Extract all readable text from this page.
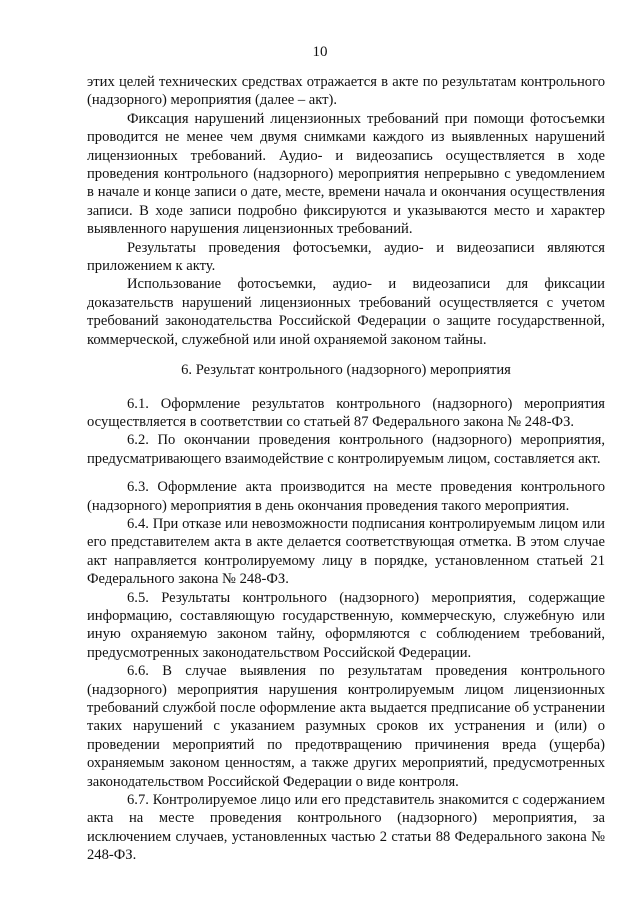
10

этих целей технических средствах отражается в акте по результатам контрольного (надзорного) мероприятия (далее – акт).

Фиксация нарушений лицензионных требований при помощи фотосъемки проводится не менее чем двумя снимками каждого из выявленных нарушений лицензионных требований. Аудио- и видеозапись осуществляется в ходе проведения контрольного (надзорного) мероприятия непрерывно с уведомлением в начале и конце записи о дате, месте, времени начала и окончания осуществления записи. В ходе записи подробно фиксируются и указываются место и характер выявленного нарушения лицензионных требований.

Результаты проведения фотосъемки, аудио- и видеозаписи являются приложением к акту.

Использование фотосъемки, аудио- и видеозаписи для фиксации доказательств нарушений лицензионных требований осуществляется с учетом требований законодательства Российской Федерации о защите государственной, коммерческой, служебной или иной охраняемой законом тайны.

6. Результат контрольного (надзорного) мероприятия

6.1. Оформление результатов контрольного (надзорного) мероприятия осуществляется в соответствии со статьей 87 Федерального закона № 248-ФЗ.

6.2. По окончании проведения контрольного (надзорного) мероприятия, предусматривающего взаимодействие с контролируемым лицом, составляется акт.

6.3. Оформление акта производится на месте проведения контрольного (надзорного) мероприятия в день окончания проведения такого мероприятия.

6.4. При отказе или невозможности подписания контролируемым лицом или его представителем акта в акте делается соответствующая отметка. В этом случае акт направляется контролируемому лицу в порядке, установленном статьей 21 Федерального закона № 248-ФЗ.

6.5. Результаты контрольного (надзорного) мероприятия, содержащие информацию, составляющую государственную, коммерческую, служебную или иную охраняемую законом тайну, оформляются с соблюдением требований, предусмотренных законодательством Российской Федерации.

6.6. В случае выявления по результатам проведения контрольного (надзорного) мероприятия нарушения контролируемым лицом лицензионных требований службой после оформление акта выдается предписание об устранении таких нарушений с указанием разумных сроков их устранения и (или) о проведении мероприятий по предотвращению причинения вреда (ущерба) охраняемым законом ценностям, а также других мероприятий, предусмотренных законодательством Российской Федерации о виде контроля.

6.7. Контролируемое лицо или его представитель знакомится с содержанием акта на месте проведения контрольного (надзорного) мероприятия, за исключением случаев, установленных частью 2 статьи 88 Федерального закона № 248-ФЗ.
